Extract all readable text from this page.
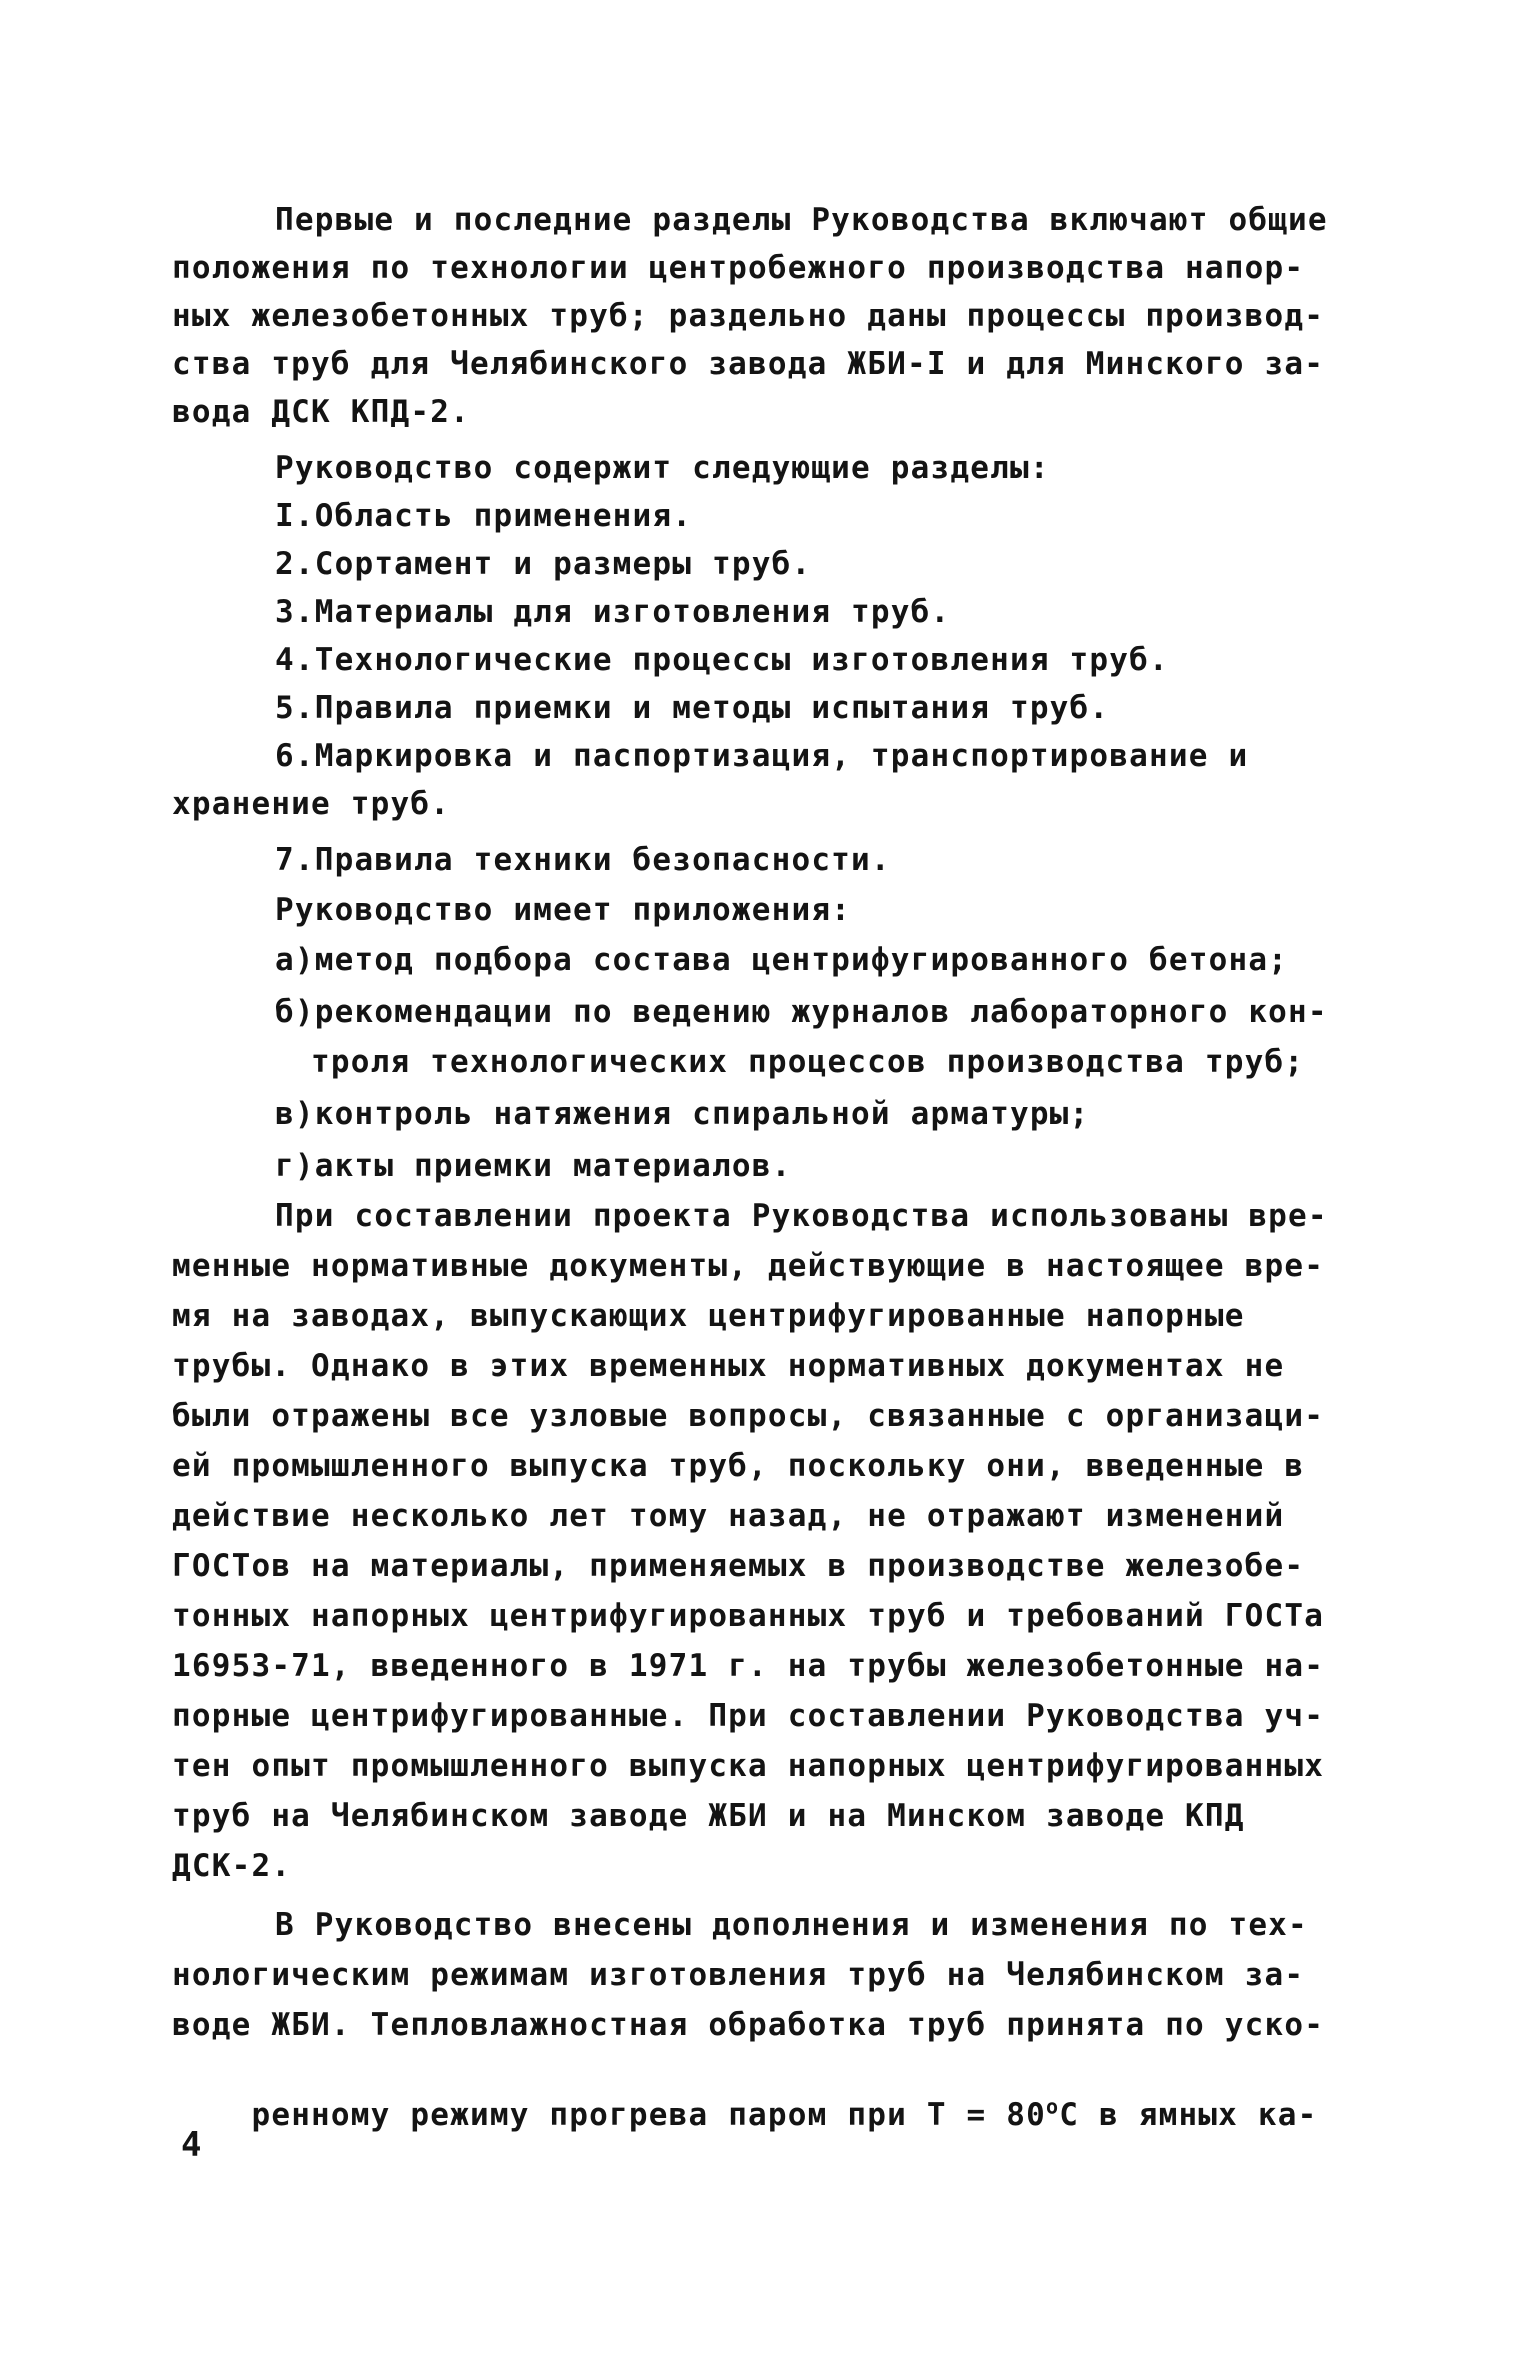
Первые и последние разделы Руководства включают общие
положения по технологии центробежного производства напор-
ных железобетонных труб; раздельно даны процессы производ-
ства труб для Челябинского завода ЖБИ-I и для Минского за-
вода ДСК КПД-2.
Руководство содержит следующие разделы:
I.Область применения.
2.Сортамент и размеры труб.
3.Материалы для изготовления труб.
4.Технологические процессы изготовления труб.
5.Правила приемки и методы испытания труб.
6.Маркировка и паспортизация, транспортирование и
хранение труб.
7.Правила техники безопасности.
Руководство имеет приложения:
а)метод подбора состава центрифугированного бетона;
б)рекомендации по ведению журналов лабораторного кон-
троля технологических процессов производства труб;
в)контроль натяжения спиральной арматуры;
г)акты приемки материалов.
При составлении проекта Руководства использованы вре-
менные нормативные документы, действующие в настоящее вре-
мя на заводах, выпускающих центрифугированные напорные
трубы. Однако в этих временных нормативных документах не
были отражены все узловые вопросы, связанные с организаци-
ей промышленного выпуска труб, поскольку они, введенные в
действие несколько лет тому назад, не отражают изменений
ГОСТов на материалы, применяемых в производстве железобе-
тонных напорных центрифугированных труб и требований ГОСТа
16953-71, введенного в 1971 г. на трубы железобетонные на-
порные центрифугированные. При составлении Руководства уч-
тен опыт промышленного выпуска напорных центрифугированных
труб на Челябинском заводе ЖБИ и на Минском заводе КПД
ДСК-2.
В Руководство внесены дополнения и изменения по тех-
нологическим режимам изготовления труб на Челябинском за-
воде ЖБИ. Тепловлажностная обработка труб принята по уско-

ренному режиму прогрева паром при $Т = 80^оС$ в ямных ка-

4
